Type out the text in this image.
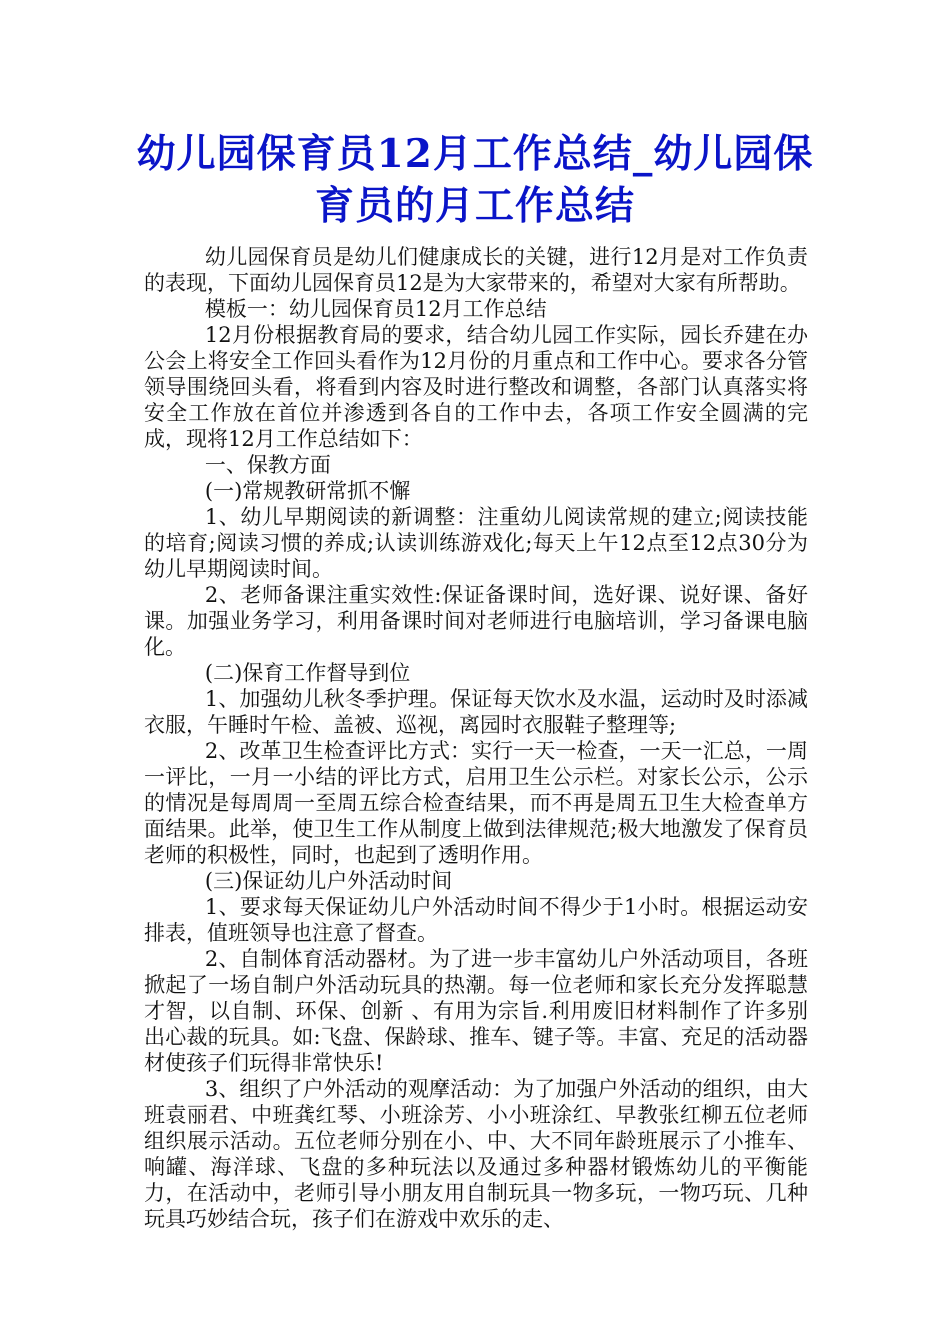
幼儿园保育员12月工作总结_幼儿园保育员的月工作总结

幼儿园保育员是幼儿们健康成长的关键，进行12月是对工作负责的表现，下面幼儿园保育员12是为大家带来的，希望对大家有所帮助。

模板一：幼儿园保育员12月工作总结

12月份根据教育局的要求，结合幼儿园工作实际，园长乔建在办公会上将安全工作回头看作为12月份的月重点和工作中心。要求各分管领导围绕回头看，将看到内容及时进行整改和调整，各部门认真落实将安全工作放在首位并渗透到各自的工作中去，各项工作安全圆满的完成，现将12月工作总结如下：

一、保教方面

(一)常规教研常抓不懈

1、幼儿早期阅读的新调整：注重幼儿阅读常规的建立;阅读技能的培育;阅读习惯的养成;认读训练游戏化;每天上午12点至12点30分为幼儿早期阅读时间。

2、老师备课注重实效性:保证备课时间，选好课、说好课、备好课。加强业务学习，利用备课时间对老师进行电脑培训，学习备课电脑化。

(二)保育工作督导到位

1、加强幼儿秋冬季护理。保证每天饮水及水温，运动时及时添减衣服，午睡时午检、盖被、巡视，离园时衣服鞋子整理等;

2、改革卫生检查评比方式：实行一天一检查，一天一汇总，一周一评比，一月一小结的评比方式，启用卫生公示栏。对家长公示，公示的情况是每周周一至周五综合检查结果，而不再是周五卫生大检查单方面结果。此举，使卫生工作从制度上做到法律规范;极大地激发了保育员老师的积极性，同时，也起到了透明作用。

(三)保证幼儿户外活动时间

1、要求每天保证幼儿户外活动时间不得少于1小时。根据运动安排表，值班领导也注意了督查。

2、自制体育活动器材。为了进一步丰富幼儿户外活动项目，各班掀起了一场自制户外活动玩具的热潮。每一位老师和家长充分发挥聪慧才智，以自制、环保、创新 、有用为宗旨.利用废旧材料制作了许多别出心裁的玩具。如:飞盘、保龄球、推车、键子等。丰富、充足的活动器材使孩子们玩得非常快乐!

3、组织了户外活动的观摩活动：为了加强户外活动的组织，由大班袁丽君、中班龚红琴、小班涂芳、小小班涂红、早教张红柳五位老师组织展示活动。五位老师分别在小、中、大不同年龄班展示了小推车、响罐、海洋球、飞盘的多种玩法以及通过多种器材锻炼幼儿的平衡能力，在活动中，老师引导小朋友用自制玩具一物多玩，一物巧玩、几种玩具巧妙结合玩，孩子们在游戏中欢乐的走、
